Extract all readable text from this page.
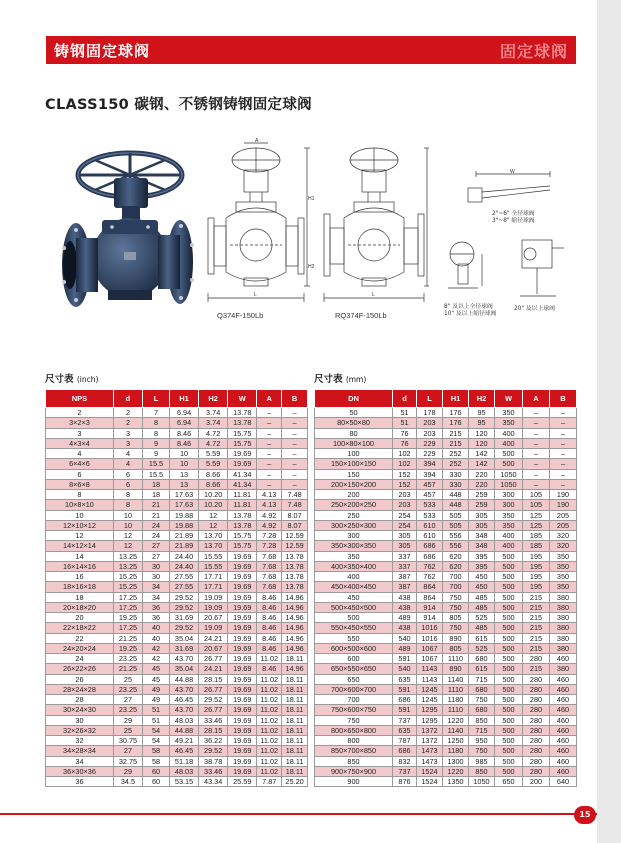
铸钢固定球阀	固定球阀
CLASS150 碳钢、不锈钢铸钢固定球阀
A
H1
H2
L
Q374F-150Lb
L
RQ374F-150Lb
W
2"~6" 全径球阀
3"~8" 缩径球阀
8" 及以上全径球阀
10" 及以上缩径球阀
20" 及以上球阀
尺寸表 (inch)
NPS	d	L	H1	H2	W	A	B
2	2	7	6.94	3.74	13.78	–	–
3×2×3	2	8	6.94	3.74	13.78	–	–
3	3	8	8.46	4.72	15.75	–	–
4×3×4	3	9	8.46	4.72	15.75	–	–
4	4	9	10	5.59	19.69	–	–
6×4×6	4	15.5	10	5.59	19.69	–	–
6	6	15.5	13	8.66	41.34	–	–
8×6×8	6	18	13	8.66	41.34	–	–
8	8	18	17.63	10.20	11.81	4.13	7.48
10×8×10	8	21	17.63	10.20	11.81	4.13	7.48
10	10	21	19.88	12	13.78	4.92	8.07
12×10×12	10	24	19.88	12	13.78	4.92	8.07
12	12	24	21.89	13.70	15.75	7.28	12.59
14×12×14	12	27	21.89	13.70	15.75	7.28	12.59
14	13.25	27	24.40	15.55	19.69	7.68	13.78
16×14×16	13.25	30	24.40	15.55	19.69	7.68	13.78
16	15.25	30	27.55	17.71	19.69	7.68	13.78
18×16×18	15.25	34	27.55	17.71	19.69	7.68	13.78
18	17.25	34	29.52	19.09	19.69	8.46	14.96
20×18×20	17.25	36	29.52	19.09	19.69	8.46	14.96
20	19.25	36	31.69	20.67	19.69	8.46	14.96
22×18×22	17.25	40	29.52	19.09	19.69	8.46	14.96
22	21.25	40	35.04	24.21	19.69	8.46	14.96
24×20×24	19.25	42	31.69	20.67	19.69	8.46	14.96
24	23.25	42	43.70	26.77	19.69	11.02	18.11
26×22×26	21.25	45	35.04	24.21	19.69	8.46	14.96
26	25	45	44.88	28.15	19.69	11.02	18.11
28×24×28	23.25	49	43.70	26.77	19.69	11.02	18.11
28	27	49	46.45	29.52	19.69	11.02	18.11
30×24×30	23.25	51	43.70	26.77	19.69	11.02	18.11
30	29	51	48.03	33.46	19.69	11.02	18.11
32×26×32	25	54	44.88	28.15	19.69	11.02	18.11
32	30.75	54	49.21	36.22	19.69	11.02	18.11
34×28×34	27	58	46.45	29.52	19.69	11.02	18.11
34	32.75	58	51.18	38.78	19.69	11.02	18.11
36×30×36	29	60	48.03	33.46	19.69	11.02	18.11
36	34.5	60	53.15	43.34	25.59	7.87	25.20
尺寸表 (mm)
DN	d	L	H1	H2	W	A	B
50	51	178	176	95	350	–	–
80×50×80	51	203	176	95	350	–	–
80	76	203	215	120	400	–	–
100×80×100	76	229	215	120	400	–	–
100	102	229	252	142	500	–	–
150×100×150	102	394	252	142	500	–	–
150	152	394	330	220	1050	–	–
200×150×200	152	457	330	220	1050	–	–
200	203	457	448	259	300	105	190
250×200×250	203	533	448	259	300	105	190
250	254	533	505	305	350	125	205
300×250×300	254	610	505	305	350	125	205
300	305	610	556	348	400	185	320
350×300×350	305	686	556	348	400	185	320
350	337	686	620	395	500	195	350
400×350×400	337	762	620	395	500	195	350
400	387	762	700	450	500	195	350
450×400×450	387	864	700	450	500	195	350
450	438	864	750	485	500	215	380
500×450×500	438	914	750	485	500	215	380
500	489	914	805	525	500	215	380
550×450×550	438	1016	750	485	500	215	380
550	540	1016	890	615	500	215	380
600×500×600	489	1067	805	525	500	215	380
600	591	1067	1110	680	500	280	460
650×550×650	540	1143	890	615	500	215	380
650	635	1143	1140	715	500	280	460
700×600×700	591	1245	1110	680	500	280	460
700	686	1245	1180	750	500	280	460
750×600×750	591	1295	1110	680	500	280	460
750	737	1295	1220	850	500	280	460
800×650×800	635	1372	1140	715	500	280	460
800	787	1372	1250	950	500	280	460
850×700×850	686	1473	1180	750	500	280	460
850	832	1473	1300	985	500	280	460
900×750×900	737	1524	1220	850	500	280	460
900	876	1524	1350	1050	650	200	640
15
